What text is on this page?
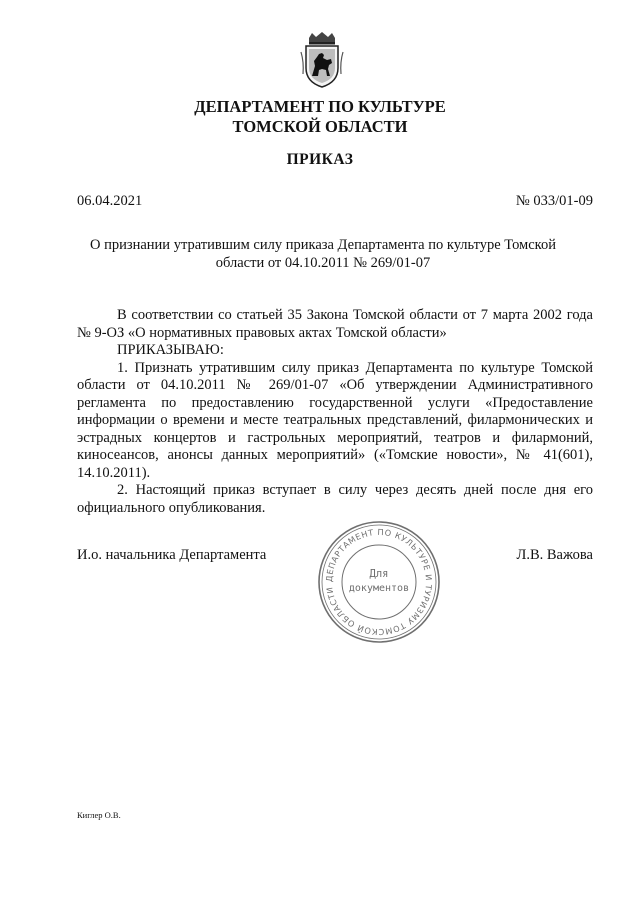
ДЕПАРТАМЕНТ ПО КУЛЬТУРЕ
ТОМСКОЙ ОБЛАСТИ
ПРИКАЗ
06.04.2021	№ 033/01-09
О признании утратившим силу приказа Департамента по культуре Томской
области от 04.10.2011 № 269/01-07

В соответствии со статьей 35 Закона Томской области от 7 марта 2002 года № 9-ОЗ «О нормативных правовых актах Томской области»

ПРИКАЗЫВАЮ:

1. Признать утратившим силу приказ Департамента по культуре Томской области от 04.10.2011 № 269/01-07 «Об утверждении Административного регламента по предоставлению государственной услуги «Предоставление информации о времени и месте театральных представлений, филармонических и эстрадных концертов и гастрольных мероприятий, театров и филармоний, киносеансов, анонсы данных мероприятий» («Томские новости», № 41(601), 14.10.2011).

2. Настоящий приказ вступает в силу через десять дней после дня его официального опубликования.

И.о. начальника Департамента	Л.В. Важова
ДЕПАРТАМЕНТ ПО КУЛЬТУРЕ И ТУРИЗМУ ТОМСКОЙ ОБЛАСТИ
Для
документов
Киглер О.В.
